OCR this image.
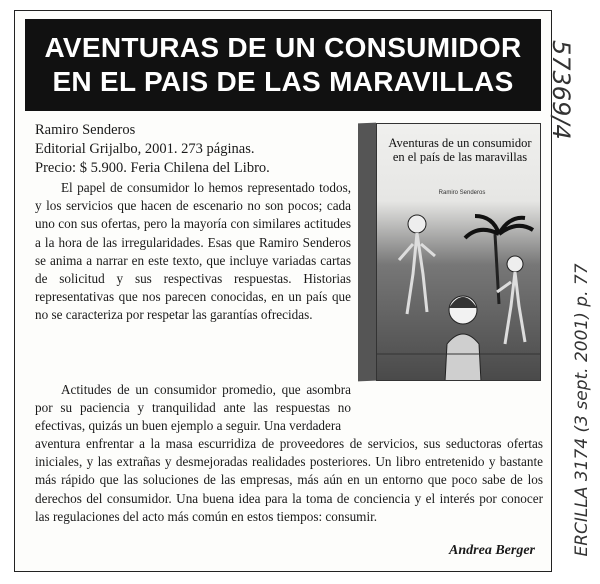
AVENTURAS DE UN CONSUMIDOR
EN EL PAIS DE LAS MARAVILLAS
Ramiro Senderos
Editorial Grijalbo, 2001. 273 páginas.
Precio: $ 5.900. Feria Chilena del Libro.

El papel de consumidor lo hemos representado todos, y los servicios que hacen de escenario no son pocos; cada uno con sus ofertas, pero la mayoría con similares actitudes a la hora de las irregularidades. Esas que Ramiro Senderos se anima a narrar en este texto, que incluye variadas cartas de solicitud y sus respectivas respuestas. Historias representativas que nos parecen conocidas, en un país que no se caracteriza por respetar las garantías ofrecidas.

Actitudes de un consumidor promedio, que asombra por su paciencia y tranquilidad ante las respuestas no efectivas, quizás un buen ejemplo a seguir. Una verdadera

aventura enfrentar a la masa escurridiza de proveedores de servicios, sus seductoras ofertas iniciales, y las extrañas y desmejoradas realidades posteriores. Un libro entretenido y bastante más rápido que las soluciones de las empresas, más aún en un entorno que poco sabe de los derechos del consumidor. Una buena idea para la toma de conciencia y el interés por conocer las regulaciones del acto más común en estos tiempos: consumir.

Andrea Berger
Aventuras de un consumidor en el país de las maravillas
Ramiro Senderos
57369/4
ERCILLA 3174 (3 sept. 2001) p. 77
